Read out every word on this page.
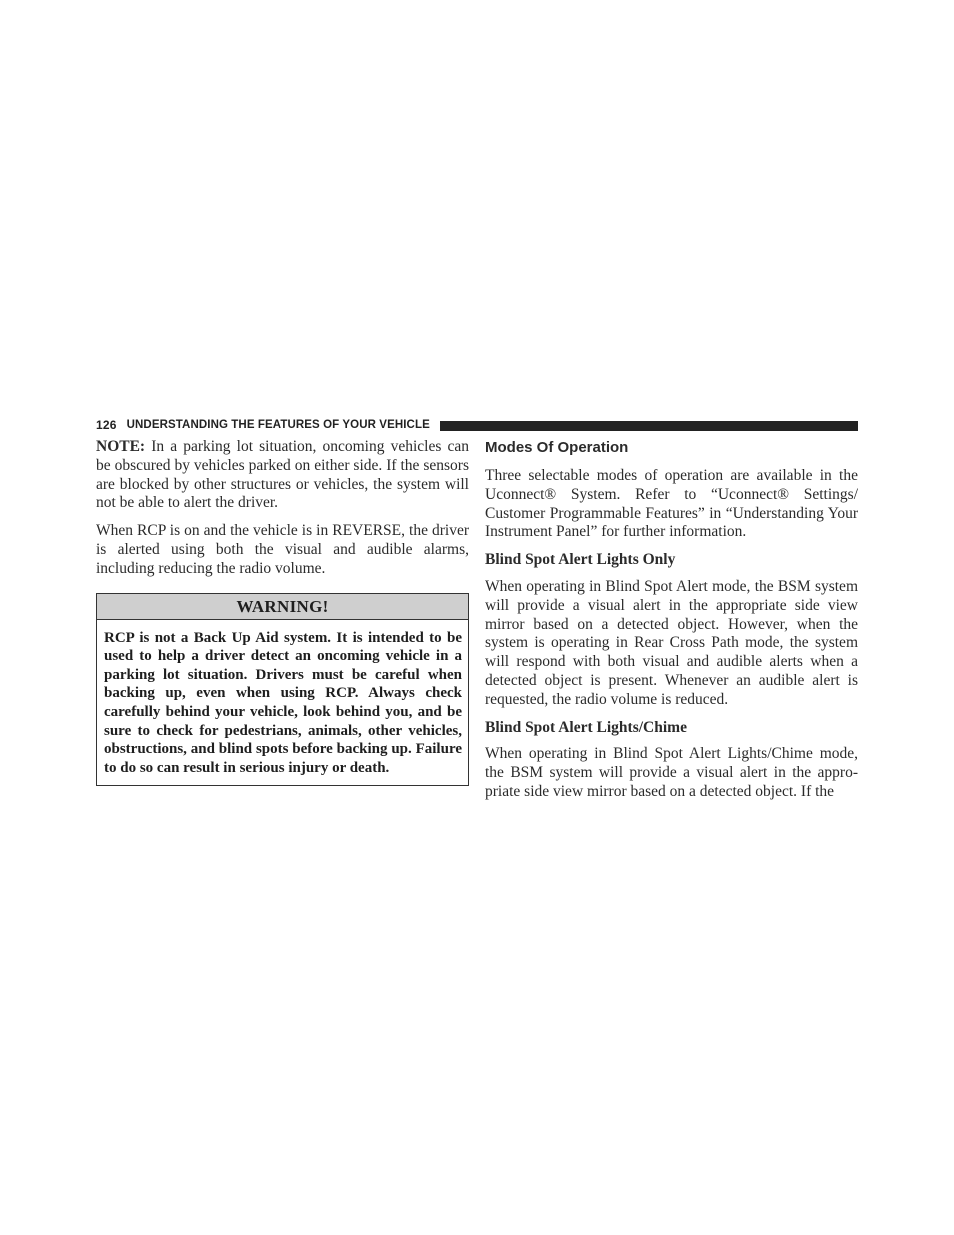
126 UNDERSTANDING THE FEATURES OF YOUR VEHICLE

NOTE: In a parking lot situation, oncoming vehicles can be obscured by vehicles parked on either side. If the sensors are blocked by other structures or vehicles, the system will not be able to alert the driver.

When RCP is on and the vehicle is in REVERSE, the driver is alerted using both the visual and audible alarms, including reducing the radio volume.

WARNING!

RCP is not a Back Up Aid system. It is intended to be used to help a driver detect an oncoming vehicle in a parking lot situation. Drivers must be careful when backing up, even when using RCP. Always check carefully behind your vehicle, look behind you, and be sure to check for pedestrians, animals, other vehicles, obstructions, and blind spots before backing up. Failure to do so can result in serious injury or death.

Modes Of Operation

Three selectable modes of operation are available in the Uconnect® System. Refer to “Uconnect® Settings/ Customer Programmable Features” in “Understanding Your Instrument Panel” for further information.

Blind Spot Alert Lights Only

When operating in Blind Spot Alert mode, the BSM system will provide a visual alert in the appropriate side view mirror based on a detected object. However, when the system is operating in Rear Cross Path mode, the system will respond with both visual and audible alerts when a detected object is present. Whenever an audible alert is requested, the radio volume is reduced.

Blind Spot Alert Lights/Chime

When operating in Blind Spot Alert Lights/Chime mode, the BSM system will provide a visual alert in the appropriate side view mirror based on a detected object. If the
